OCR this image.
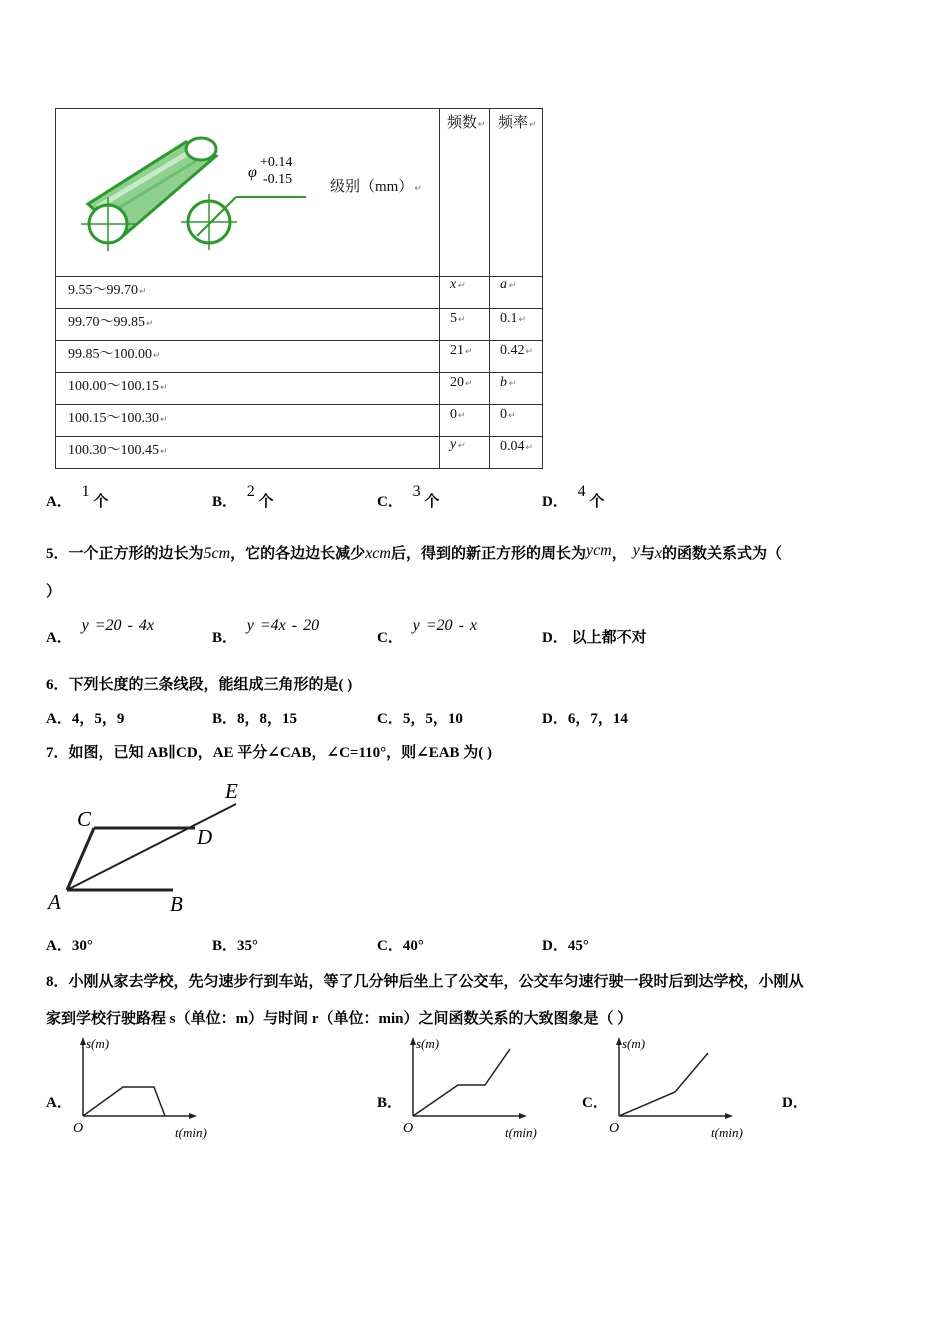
φ
+0.14
-0.15 级别（mm）↵	频数↵	频率↵

9.55～99.70↵	x↵	a↵

99.70～99.85↵	5↵	0.1↵

99.85～100.00↵	21↵	0.42↵

100.00～100.15↵	20↵	b↵

100.15～100.30↵	0↵	0↵

100.30～100.45↵	y↵	0.04↵
A． 1 个	B． 2 个	C． 3 个	D． 4 个
5．一个正方形的边长为5cm，它的各边边长减少xcm后，得到的新正方形的周长为ycm， y与x的函数关系式为（
）
A． y =20 - 4x
B． y =4x - 20
C． y =20 - x
D． 以上都不对
6．下列长度的三条线段，能组成三角形的是( )
A．4，5，9	B．8，8，15	C．5，5，10	D．6，7，14
7．如图，已知 AB∥CD，AE 平分∠CAB，∠C=110°，则∠EAB 为( )
A	B
C
D
E
A．30°	B．35°	C．40°	D．45°
8．小刚从家去学校，先匀速步行到车站，等了几分钟后坐上了公交车，公交车匀速行驶一段时后到达学校，小刚从
家到学校行驶路程 s（单位：m）与时间 r（单位：min）之间函数关系的大致图象是（ ）
A．	B．	C．	D．
s(m)
t(min)
O
s(m)
t(min)
O
s(m)
t(min)
O
